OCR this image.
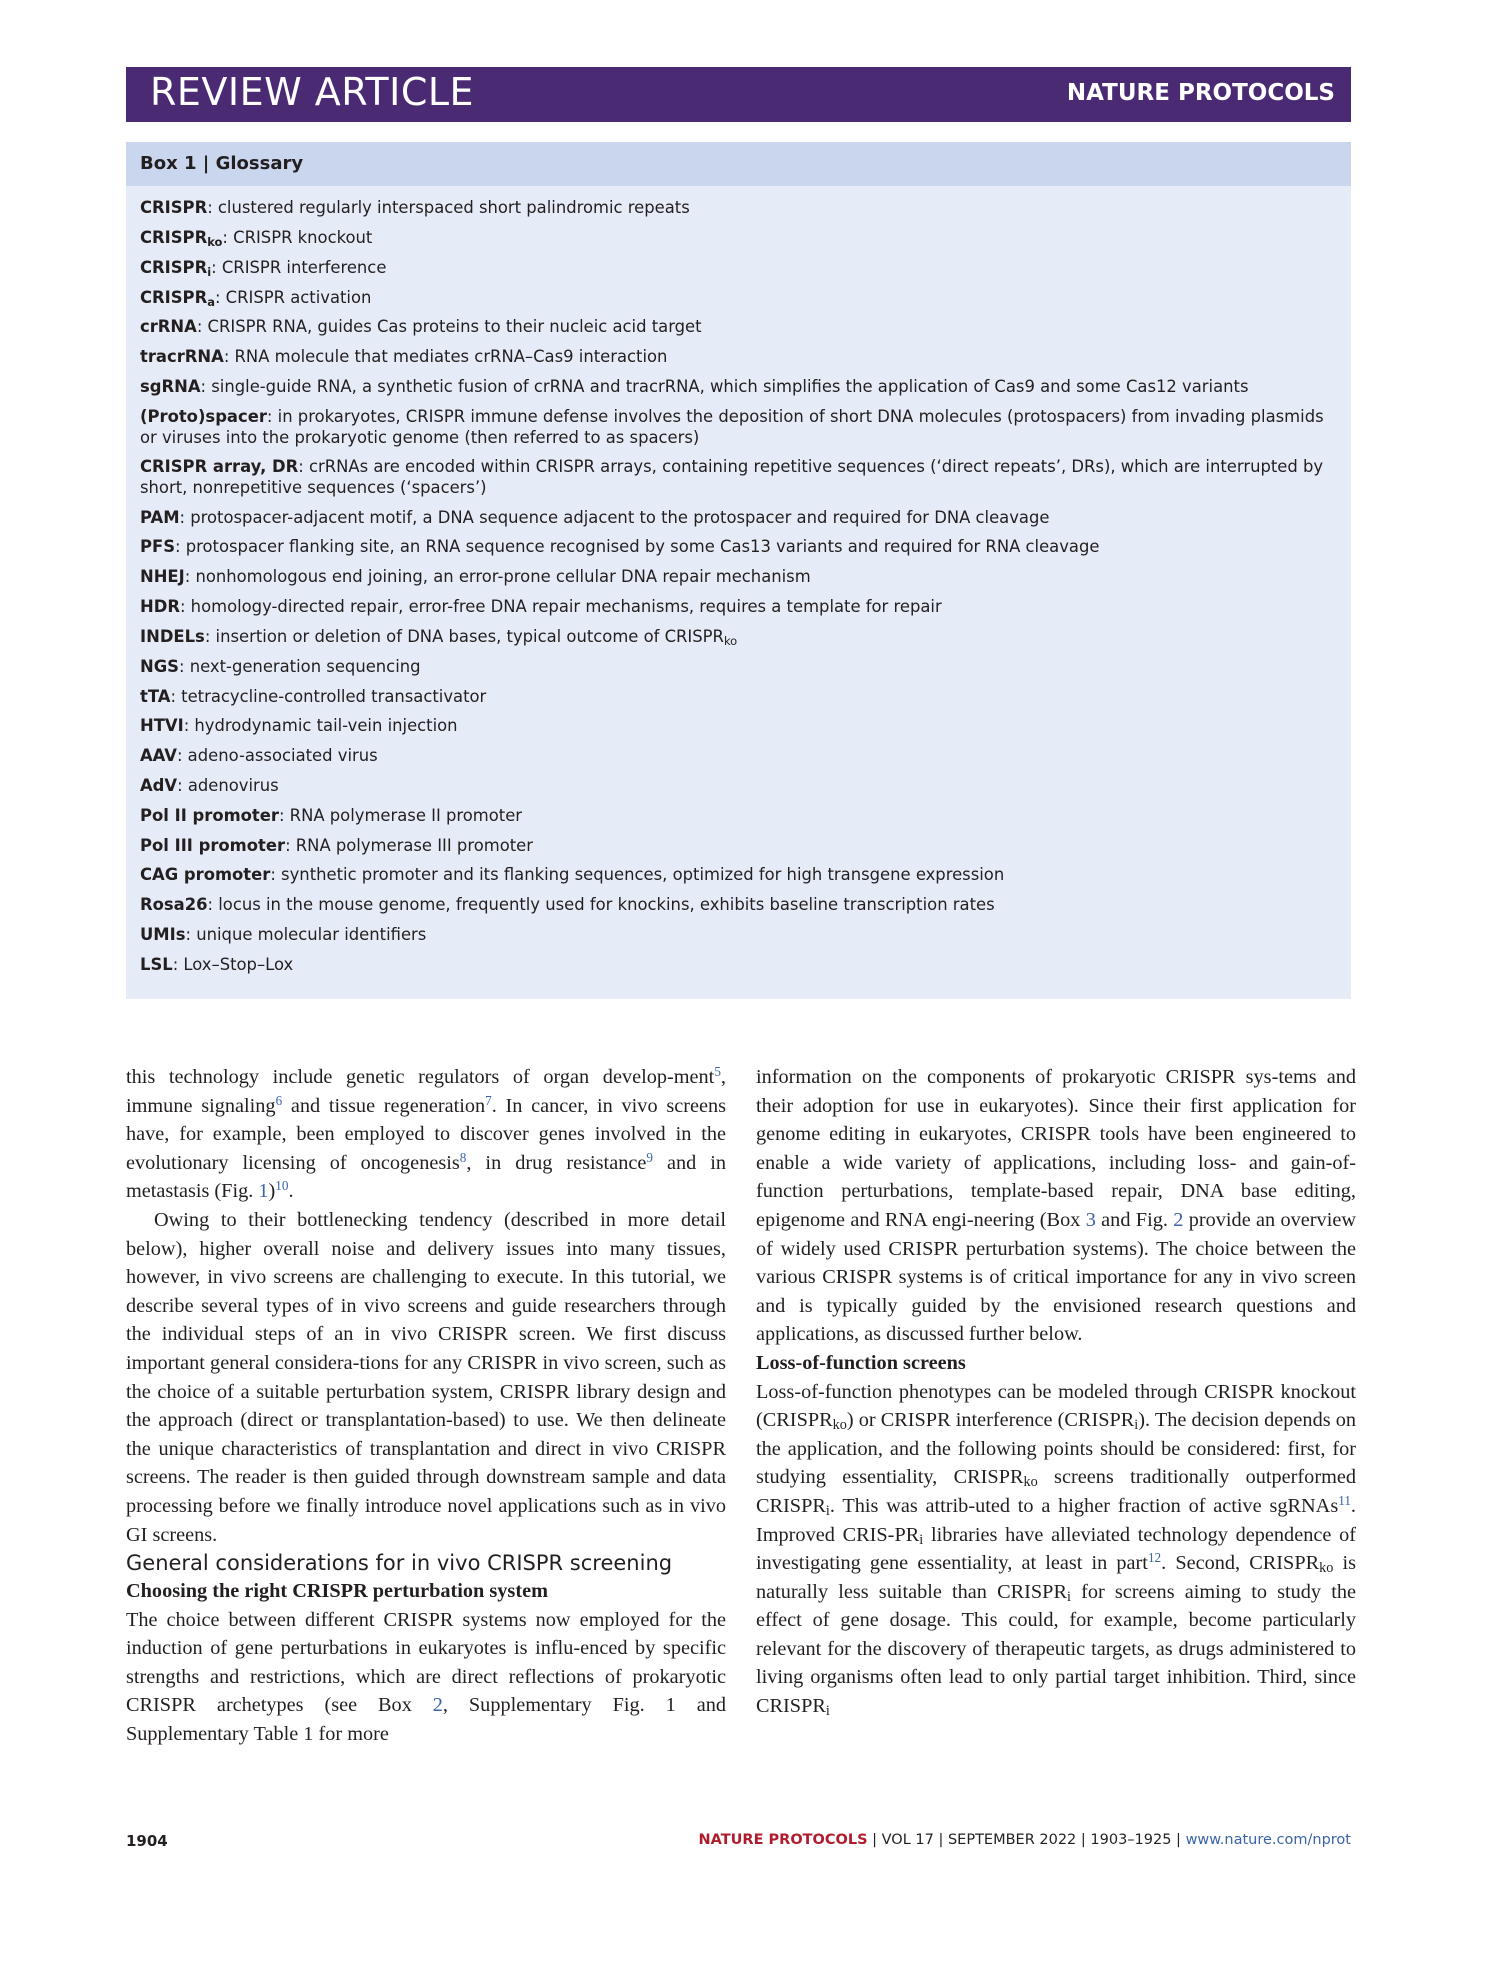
REVIEW ARTICLE	NATURE PROTOCOLS
Box 1 | Glossary
CRISPR: clustered regularly interspaced short palindromic repeats
$CRISPR_{ko}$: CRISPR knockout
$CRISPR_i$: CRISPR interference
$CRISPR_a$: CRISPR activation
crRNA: CRISPR RNA, guides Cas proteins to their nucleic acid target
tracrRNA: RNA molecule that mediates crRNA–Cas9 interaction
sgRNA: single-guide RNA, a synthetic fusion of crRNA and tracrRNA, which simplifies the application of Cas9 and some Cas12 variants
(Proto)spacer: in prokaryotes, CRISPR immune defense involves the deposition of short DNA molecules (protospacers) from invading plasmids or viruses into the prokaryotic genome (then referred to as spacers)
CRISPR array, DR: crRNAs are encoded within CRISPR arrays, containing repetitive sequences (‘direct repeats’, DRs), which are interrupted by short, nonrepetitive sequences (‘spacers’)
PAM: protospacer-adjacent motif, a DNA sequence adjacent to the protospacer and required for DNA cleavage
PFS: protospacer flanking site, an RNA sequence recognised by some Cas13 variants and required for RNA cleavage
NHEJ: nonhomologous end joining, an error-prone cellular DNA repair mechanism
HDR: homology-directed repair, error-free DNA repair mechanisms, requires a template for repair
INDELs: insertion or deletion of DNA bases, typical outcome of $CRISPR_{ko}$
NGS: next-generation sequencing
tTA: tetracycline-controlled transactivator
HTVI: hydrodynamic tail-vein injection
AAV: adeno-associated virus
AdV: adenovirus
Pol II promoter: RNA polymerase II promoter
Pol III promoter: RNA polymerase III promoter
CAG promoter: synthetic promoter and its flanking sequences, optimized for high transgene expression
Rosa26: locus in the mouse genome, frequently used for knockins, exhibits baseline transcription rates
UMIs: unique molecular identifiers
LSL: Lox–Stop–Lox

this technology include genetic regulators of organ develop-ment$^5$, immune signaling$^6$ and tissue regeneration$^7$. In cancer, in vivo screens have, for example, been employed to discover genes involved in the evolutionary licensing of oncogenesis$^8$, in drug resistance$^9$ and in metastasis (Fig. 1)$^{10}$.

Owing to their bottlenecking tendency (described in more detail below), higher overall noise and delivery issues into many tissues, however, in vivo screens are challenging to execute. In this tutorial, we describe several types of in vivo screens and guide researchers through the individual steps of an in vivo CRISPR screen. We first discuss important general considera-tions for any CRISPR in vivo screen, such as the choice of a suitable perturbation system, CRISPR library design and the approach (direct or transplantation-based) to use. We then delineate the unique characteristics of transplantation and direct in vivo CRISPR screens. The reader is then guided through downstream sample and data processing before we finally introduce novel applications such as in vivo GI screens.

General considerations for in vivo CRISPR screening

Choosing the right CRISPR perturbation system

The choice between different CRISPR systems now employed for the induction of gene perturbations in eukaryotes is influ-enced by specific strengths and restrictions, which are direct reflections of prokaryotic CRISPR archetypes (see Box 2, Supplementary Fig. 1 and Supplementary Table 1 for more

information on the components of prokaryotic CRISPR sys-tems and their adoption for use in eukaryotes). Since their first application for genome editing in eukaryotes, CRISPR tools have been engineered to enable a wide variety of applications, including loss- and gain-of-function perturbations, template-based repair, DNA base editing, epigenome and RNA engi-neering (Box 3 and Fig. 2 provide an overview of widely used CRISPR perturbation systems). The choice between the various CRISPR systems is of critical importance for any in vivo screen and is typically guided by the envisioned research questions and applications, as discussed further below.

Loss-of-function screens

Loss-of-function phenotypes can be modeled through CRISPR knockout $(CRISPR_{ko})$ or CRISPR interference $(CRISPR_i)$. The decision depends on the application, and the following points should be considered: first, for studying essentiality, $CRISPR_{ko}$ screens traditionally outperformed $CRISPR_i$. This was attrib-uted to a higher fraction of active sgRNAs$^{11}$. Improved CRIS-$PR_i$ libraries have alleviated technology dependence of investigating gene essentiality, at least in part$^{12}$. Second, $CRISPR_{ko}$ is naturally less suitable than $CRISPR_i$ for screens aiming to study the effect of gene dosage. This could, for example, become particularly relevant for the discovery of therapeutic targets, as drugs administered to living organisms often lead to only partial target inhibition. Third, since $CRISPR_i$

1904	NATURE PROTOCOLS | VOL 17 | SEPTEMBER 2022 | 1903–1925 | www.nature.com/nprot
